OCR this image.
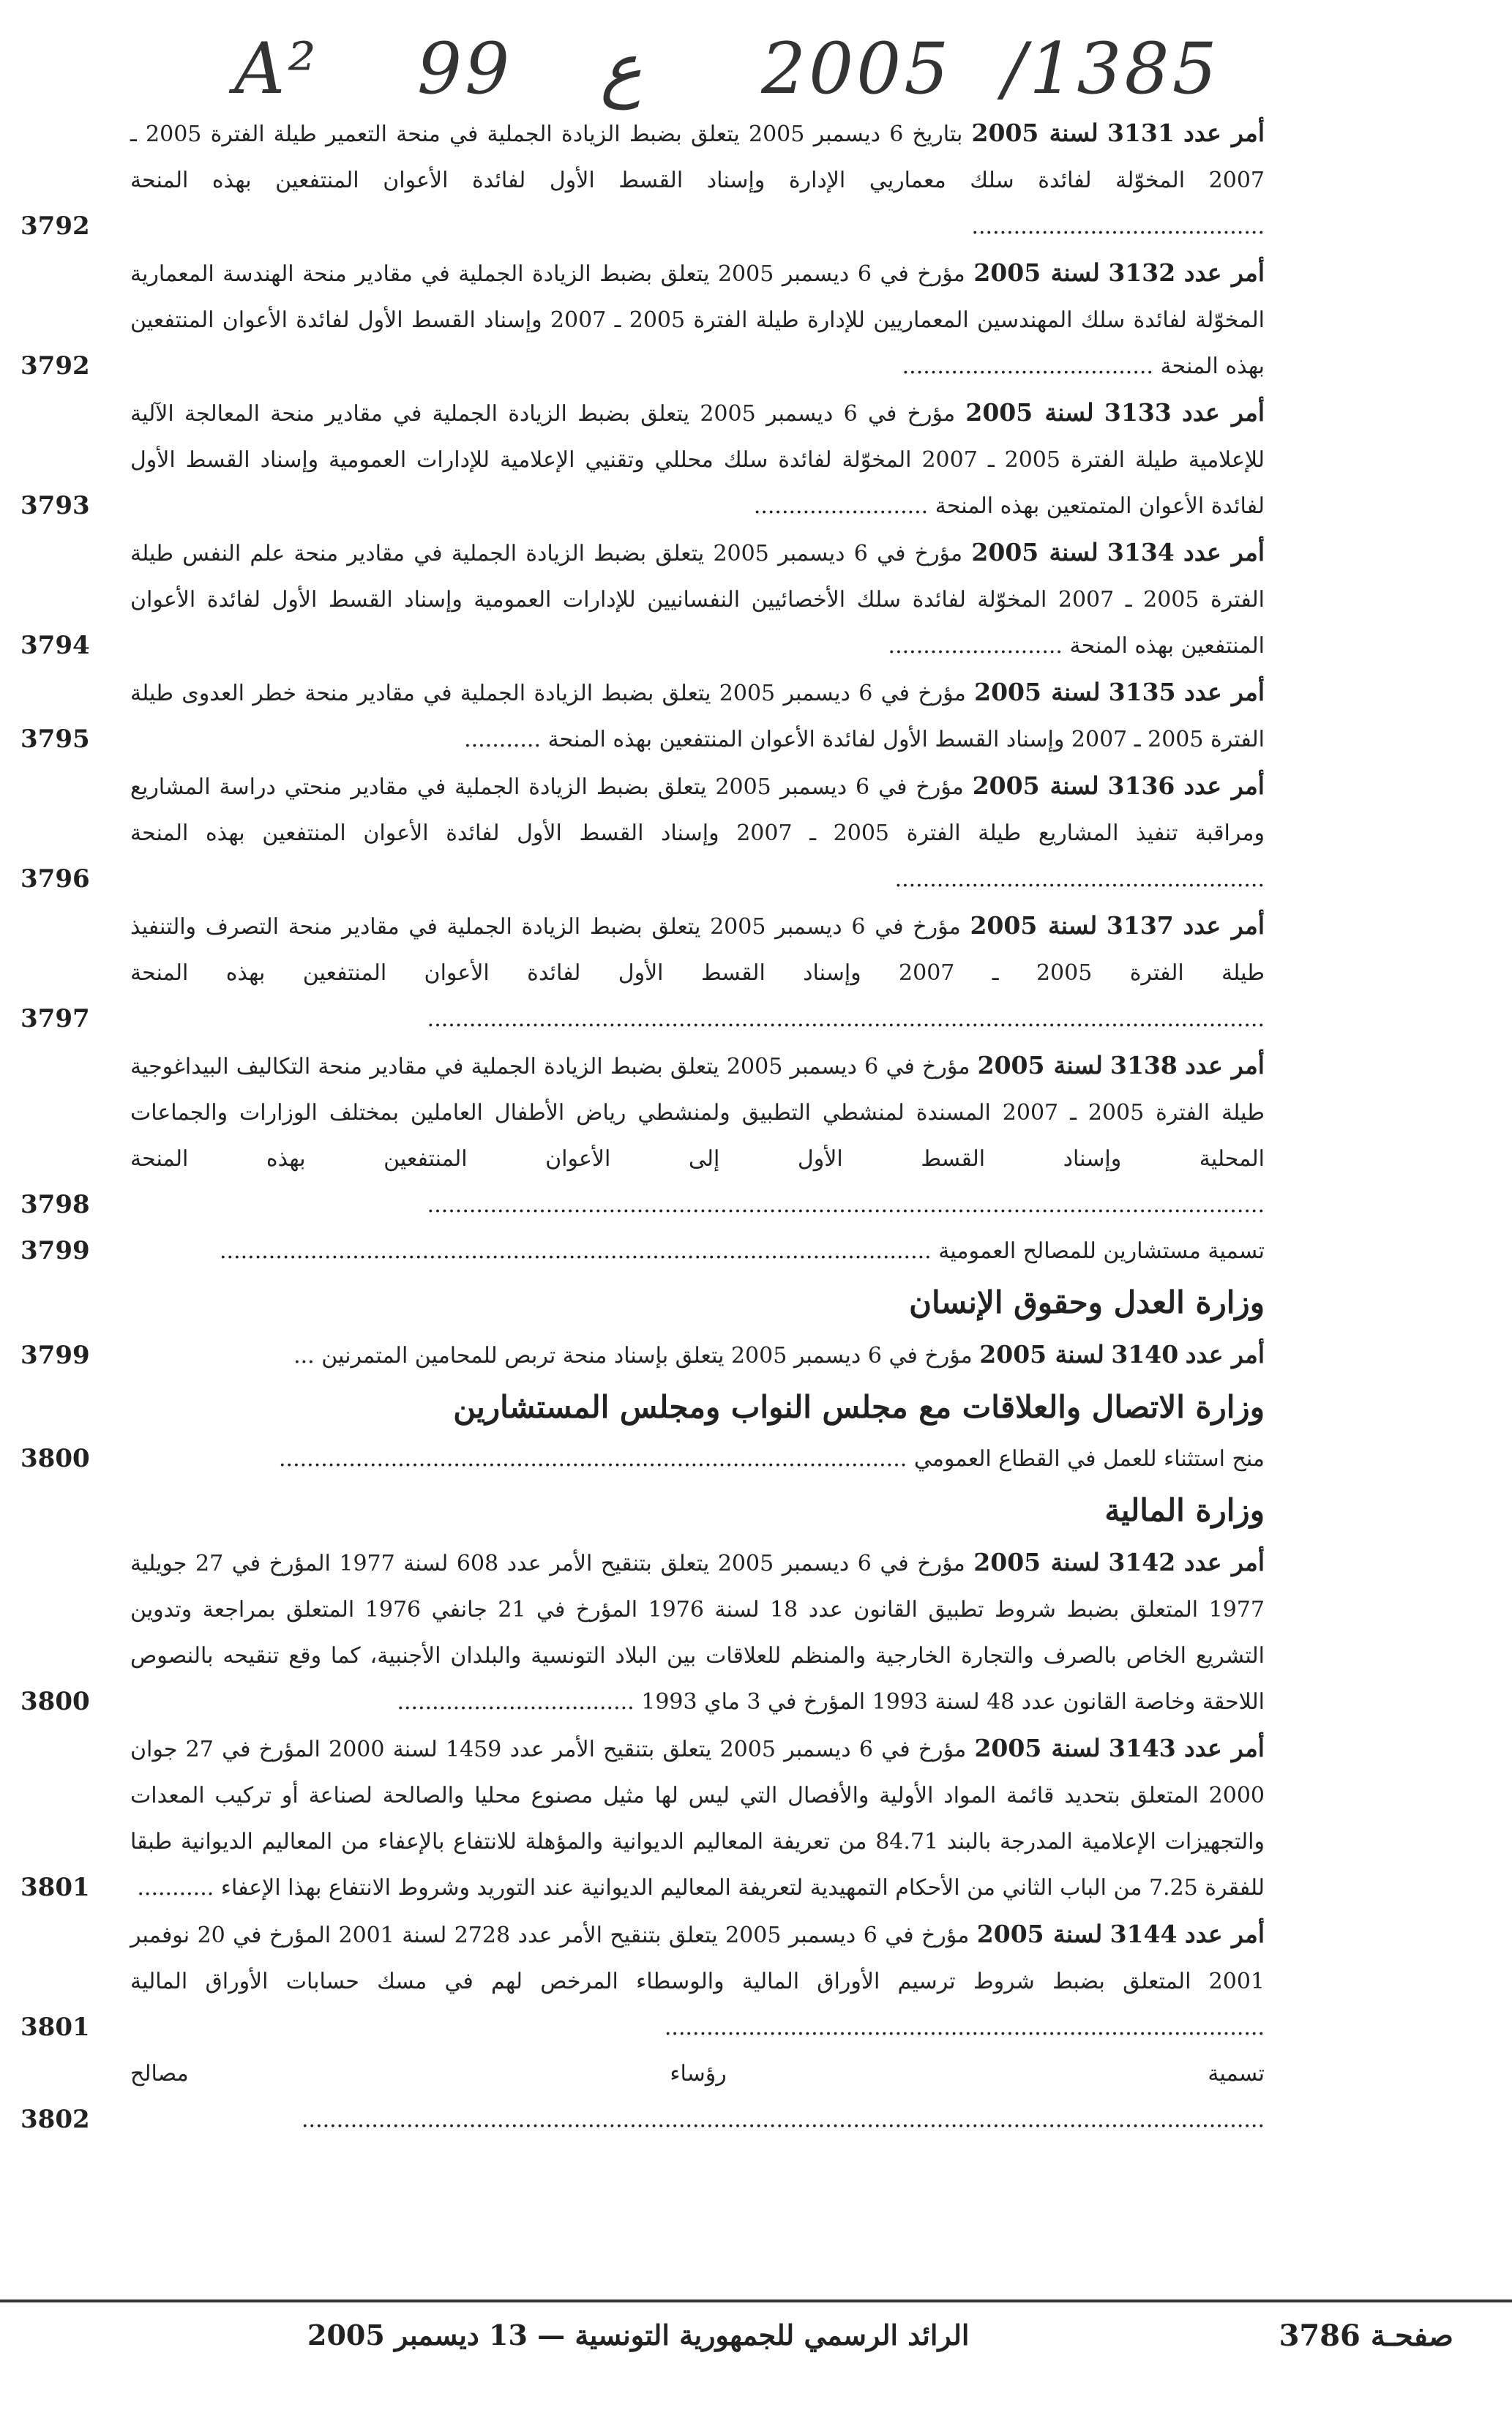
A² 99 ع 2005 /1385

أمر عدد 3131 لسنة 2005 بتاريخ 6 ديسمبر 2005 يتعلق بضبط الزيادة الجملية في منحة التعمير طيلة الفترة 2005 ـ 2007 المخوّلة لفائدة سلك معماريي الإدارة وإسناد القسط الأول لفائدة الأعوان المنتفعين بهذه المنحة ..........................................

3792

أمر عدد 3132 لسنة 2005 مؤرخ في 6 ديسمبر 2005 يتعلق بضبط الزيادة الجملية في مقادير منحة الهندسة المعمارية المخوّلة لفائدة سلك المهندسين المعماريين للإدارة طيلة الفترة 2005 ـ 2007 وإسناد القسط الأول لفائدة الأعوان المنتفعين بهذه المنحة ....................................

3792

أمر عدد 3133 لسنة 2005 مؤرخ في 6 ديسمبر 2005 يتعلق بضبط الزيادة الجملية في مقادير منحة المعالجة الآلية للإعلامية طيلة الفترة 2005 ـ 2007 المخوّلة لفائدة سلك محللي وتقنيي الإعلامية للإدارات العمومية وإسناد القسط الأول لفائدة الأعوان المتمتعين بهذه المنحة .........................

3793

أمر عدد 3134 لسنة 2005 مؤرخ في 6 ديسمبر 2005 يتعلق بضبط الزيادة الجملية في مقادير منحة علم النفس طيلة الفترة 2005 ـ 2007 المخوّلة لفائدة سلك الأخصائيين النفسانيين للإدارات العمومية وإسناد القسط الأول لفائدة الأعوان المنتفعين بهذه المنحة .........................

3794

أمر عدد 3135 لسنة 2005 مؤرخ في 6 ديسمبر 2005 يتعلق بضبط الزيادة الجملية في مقادير منحة خطر العدوى طيلة الفترة 2005 ـ 2007 وإسناد القسط الأول لفائدة الأعوان المنتفعين بهذه المنحة ...........

3795

أمر عدد 3136 لسنة 2005 مؤرخ في 6 ديسمبر 2005 يتعلق بضبط الزيادة الجملية في مقادير منحتي دراسة المشاريع ومراقبة تنفيذ المشاريع طيلة الفترة 2005 ـ 2007 وإسناد القسط الأول لفائدة الأعوان المنتفعين بهذه المنحة .....................................................

3796

أمر عدد 3137 لسنة 2005 مؤرخ في 6 ديسمبر 2005 يتعلق بضبط الزيادة الجملية في مقادير منحة التصرف والتنفيذ طيلة الفترة 2005 ـ 2007 وإسناد القسط الأول لفائدة الأعوان المنتفعين بهذه المنحة ........................................................................................................................

3797

أمر عدد 3138 لسنة 2005 مؤرخ في 6 ديسمبر 2005 يتعلق بضبط الزيادة الجملية في مقادير منحة التكاليف البيداغوجية طيلة الفترة 2005 ـ 2007 المسندة لمنشطي التطبيق ولمنشطي رياض الأطفال العاملين بمختلف الوزارات والجماعات المحلية وإسناد القسط الأول إلى الأعوان المنتفعين بهذه المنحة ........................................................................................................................

3798

تسمية مستشارين للمصالح العمومية ......................................................................................................

3799
وزارة العدل وحقوق الإنسان

أمر عدد 3140 لسنة 2005 مؤرخ في 6 ديسمبر 2005 يتعلق بإسناد منحة تربص للمحامين المتمرنين ...

3799
وزارة الاتصال والعلاقات مع مجلس النواب ومجلس المستشارين

منح استثناء للعمل في القطاع العمومي ..........................................................................................

3800
وزارة المالية

أمر عدد 3142 لسنة 2005 مؤرخ في 6 ديسمبر 2005 يتعلق بتنقيح الأمر عدد 608 لسنة 1977 المؤرخ في 27 جويلية 1977 المتعلق بضبط شروط تطبيق القانون عدد 18 لسنة 1976 المؤرخ في 21 جانفي 1976 المتعلق بمراجعة وتدوين التشريع الخاص بالصرف والتجارة الخارجية والمنظم للعلاقات بين البلاد التونسية والبلدان الأجنبية، كما وقع تنقيحه بالنصوص اللاحقة وخاصة القانون عدد 48 لسنة 1993 المؤرخ في 3 ماي 1993 ..................................

3800

أمر عدد 3143 لسنة 2005 مؤرخ في 6 ديسمبر 2005 يتعلق بتنقيح الأمر عدد 1459 لسنة 2000 المؤرخ في 27 جوان 2000 المتعلق بتحديد قائمة المواد الأولية والأفصال التي ليس لها مثيل مصنوع محليا والصالحة لصناعة أو تركيب المعدات والتجهيزات الإعلامية المدرجة بالبند 84.71 من تعريفة المعاليم الديوانية والمؤهلة للانتفاع بالإعفاء من المعاليم الديوانية طبقا للفقرة 7.25 من الباب الثاني من الأحكام التمهيدية لتعريفة المعاليم الديوانية عند التوريد وشروط الانتفاع بهذا الإعفاء ...........

3801

أمر عدد 3144 لسنة 2005 مؤرخ في 6 ديسمبر 2005 يتعلق بتنقيح الأمر عدد 2728 لسنة 2001 المؤرخ في 20 نوفمبر 2001 المتعلق بضبط شروط ترسيم الأوراق المالية والوسطاء المرخص لهم في مسك حسابات الأوراق المالية ......................................................................................

3801

تسمية رؤساء مصالح ..........................................................................................................................................

3802
صفحـة 3786
الرائد الرسمي للجمهورية التونسية — 13 ديسمبر 2005
